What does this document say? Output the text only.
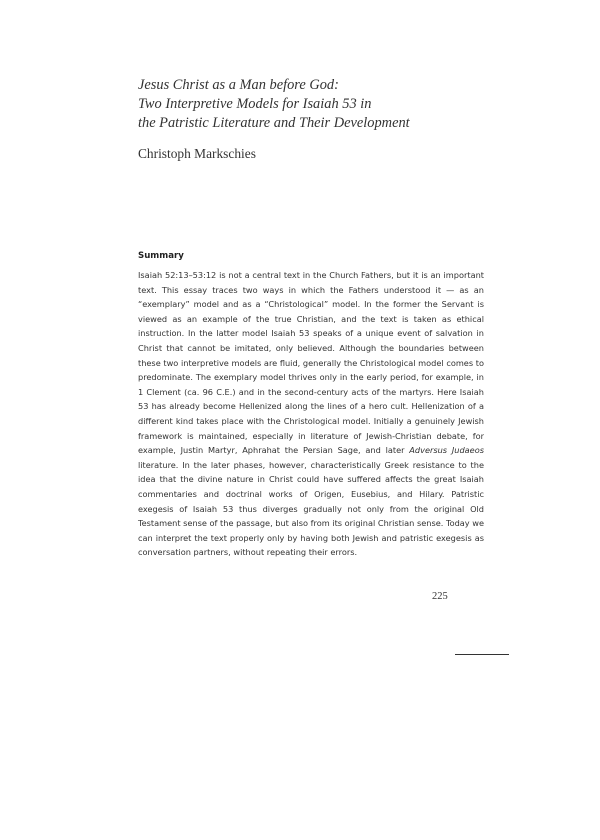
Jesus Christ as a Man before God:
Two Interpretive Models for Isaiah 53 in
the Patristic Literature and Their Development
Christoph Markschies
Summary

Isaiah 52:13–53:12 is not a central text in the Church Fathers, but it is an important text. This essay traces two ways in which the Fathers understood it — as an “exemplary” model and as a “Christological” model. In the former the Servant is viewed as an example of the true Christian, and the text is taken as ethical instruction. In the latter model Isaiah 53 speaks of a unique event of salvation in Christ that cannot be imitated, only believed. Although the boundaries between these two interpretive models are fluid, generally the Christological model comes to predominate. The exemplary model thrives only in the early period, for example, in 1 Clement (ca. 96 C.E.) and in the second-century acts of the martyrs. Here Isaiah 53 has already become Hellenized along the lines of a hero cult. Hellenization of a different kind takes place with the Christological model. Initially a genuinely Jewish framework is maintained, especially in literature of Jewish-Christian debate, for example, Justin Martyr, Aphrahat the Persian Sage, and later Adversus Judaeos literature. In the later phases, however, characteristically Greek resistance to the idea that the divine nature in Christ could have suffered affects the great Isaiah commentaries and doctrinal works of Origen, Eusebius, and Hilary. Patristic exegesis of Isaiah 53 thus diverges gradually not only from the original Old Testament sense of the passage, but also from its original Christian sense. Today we can interpret the text properly only by having both Jewish and patristic exegesis as conversation partners, without repeating their errors.

225
